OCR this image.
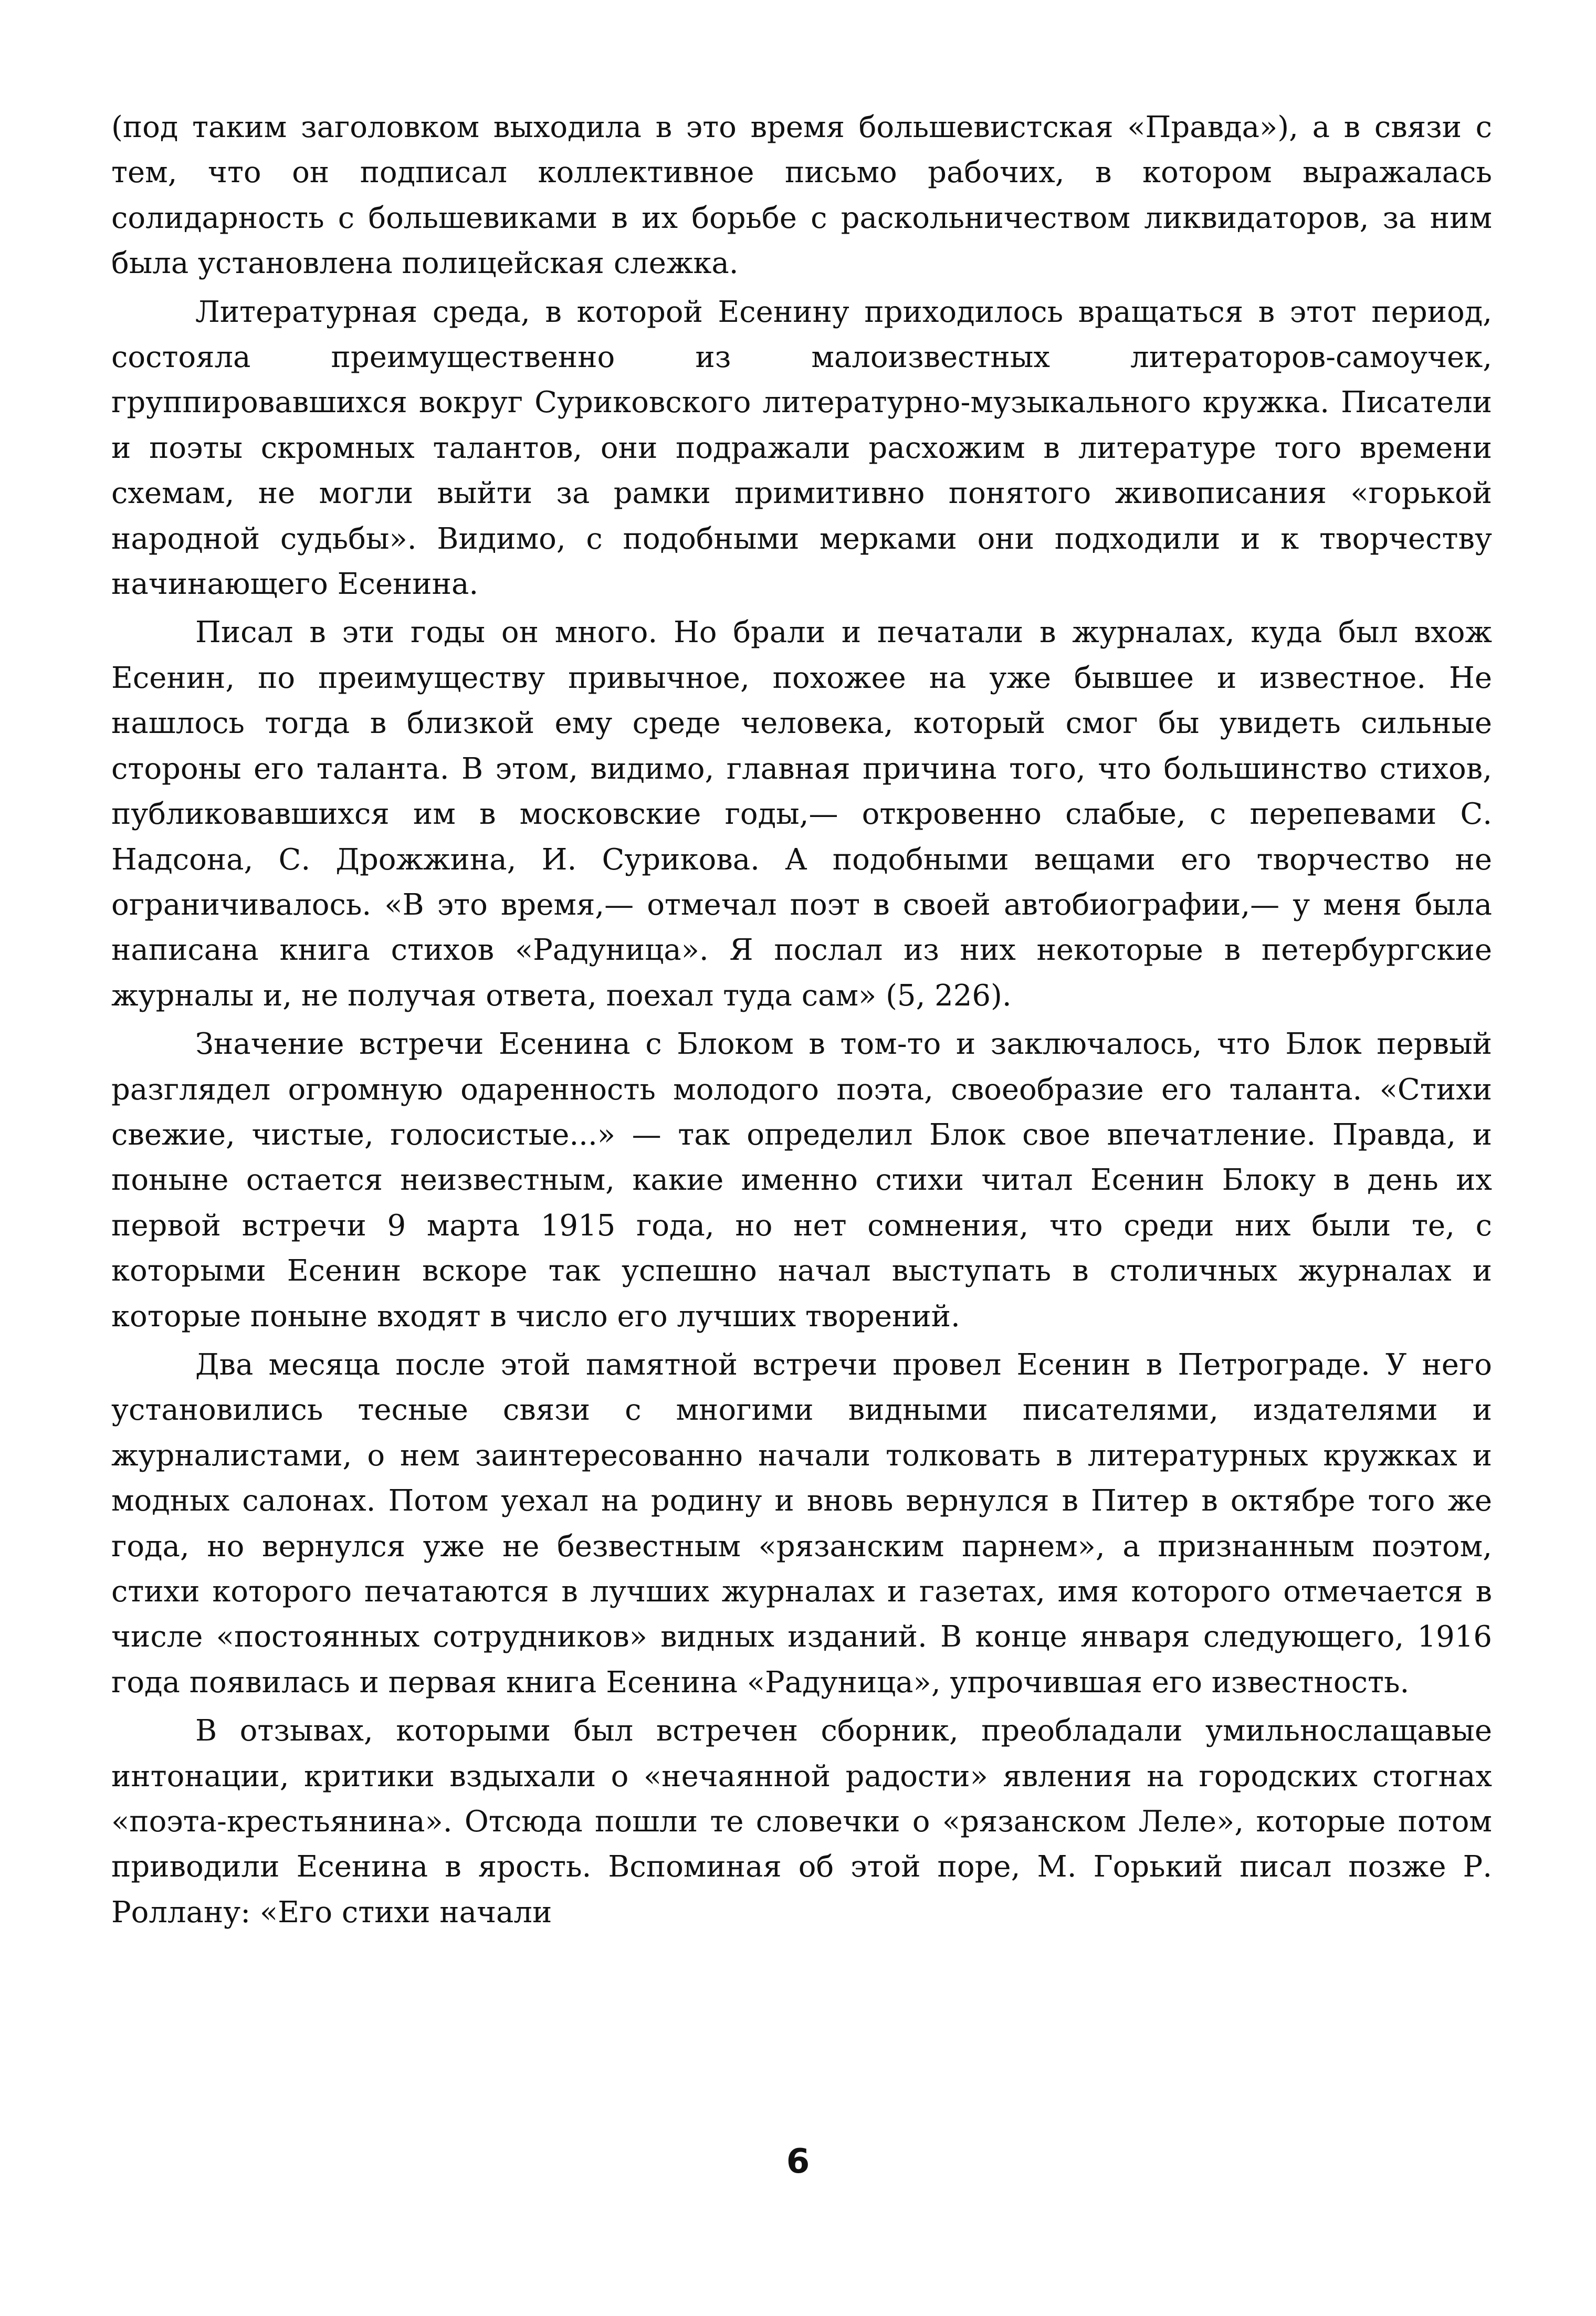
(под таким заголовком выходила в это время большевистская «Правда»), а в связи с тем, что он подписал коллективное письмо рабочих, в котором выражалась солидарность с большевиками в их борьбе с раскольничеством ликвидаторов, за ним была установлена полицейская слежка.

Литературная среда, в которой Есенину приходилось вращаться в этот период, состояла преимущественно из малоизвестных литераторов-самоучек, группировавшихся вокруг Суриковского литературно-музыкального кружка. Писатели и поэты скромных талантов, они подражали расхожим в литературе того времени схемам, не могли выйти за рамки примитивно понятого живописания «горькой народной судьбы». Видимо, с подобными мерками они подходили и к творчеству начинающего Есенина.

Писал в эти годы он много. Но брали и печатали в журналах, куда был вхож Есенин, по преимуществу привычное, похожее на уже бывшее и известное. Не нашлось тогда в близкой ему среде человека, который смог бы увидеть сильные стороны его таланта. В этом, видимо, главная причина того, что большинство стихов, публиковавшихся им в московские годы,— откровенно слабые, с перепевами С. Надсона, С. Дрожжина, И. Сурикова. А подобными вещами его творчество не ограничивалось. «В это время,— отмечал поэт в своей автобиографии,— у меня была написана книга стихов «Радуница». Я послал из них некоторые в петербургские журналы и, не получая ответа, поехал туда сам» (5, 226).

Значение встречи Есенина с Блоком в том-то и заключалось, что Блок первый разглядел огромную одаренность молодого поэта, своеобразие его таланта. «Стихи свежие, чистые, голосистые...» — так определил Блок свое впечатление. Правда, и поныне остается неизвестным, какие именно стихи читал Есенин Блоку в день их первой встречи 9 марта 1915 года, но нет сомнения, что среди них были те, с которыми Есенин вскоре так успешно начал выступать в столичных журналах и которые поныне входят в число его лучших творений.

Два месяца после этой памятной встречи провел Есенин в Петрограде. У него установились тесные связи с многими видными писателями, издателями и журналистами, о нем заинтересованно начали толковать в литературных кружках и модных салонах. Потом уехал на родину и вновь вернулся в Питер в октябре того же года, но вернулся уже не безвестным «рязанским парнем», а признанным поэтом, стихи которого печатаются в лучших журналах и газетах, имя которого отмечается в числе «постоянных сотрудников» видных изданий. В конце января следующего, 1916 года появилась и первая книга Есенина «Радуница», упрочившая его известность.

В отзывах, которыми был встречен сборник, преобладали умильнослащавые интонации, критики вздыхали о «нечаянной радости» явления на городских стогнах «поэта-крестьянина». Отсюда пошли те словечки о «рязанском Леле», которые потом приводили Есенина в ярость. Вспоминая об этой поре, М. Горький писал позже Р. Роллану: «Его стихи начали

6
